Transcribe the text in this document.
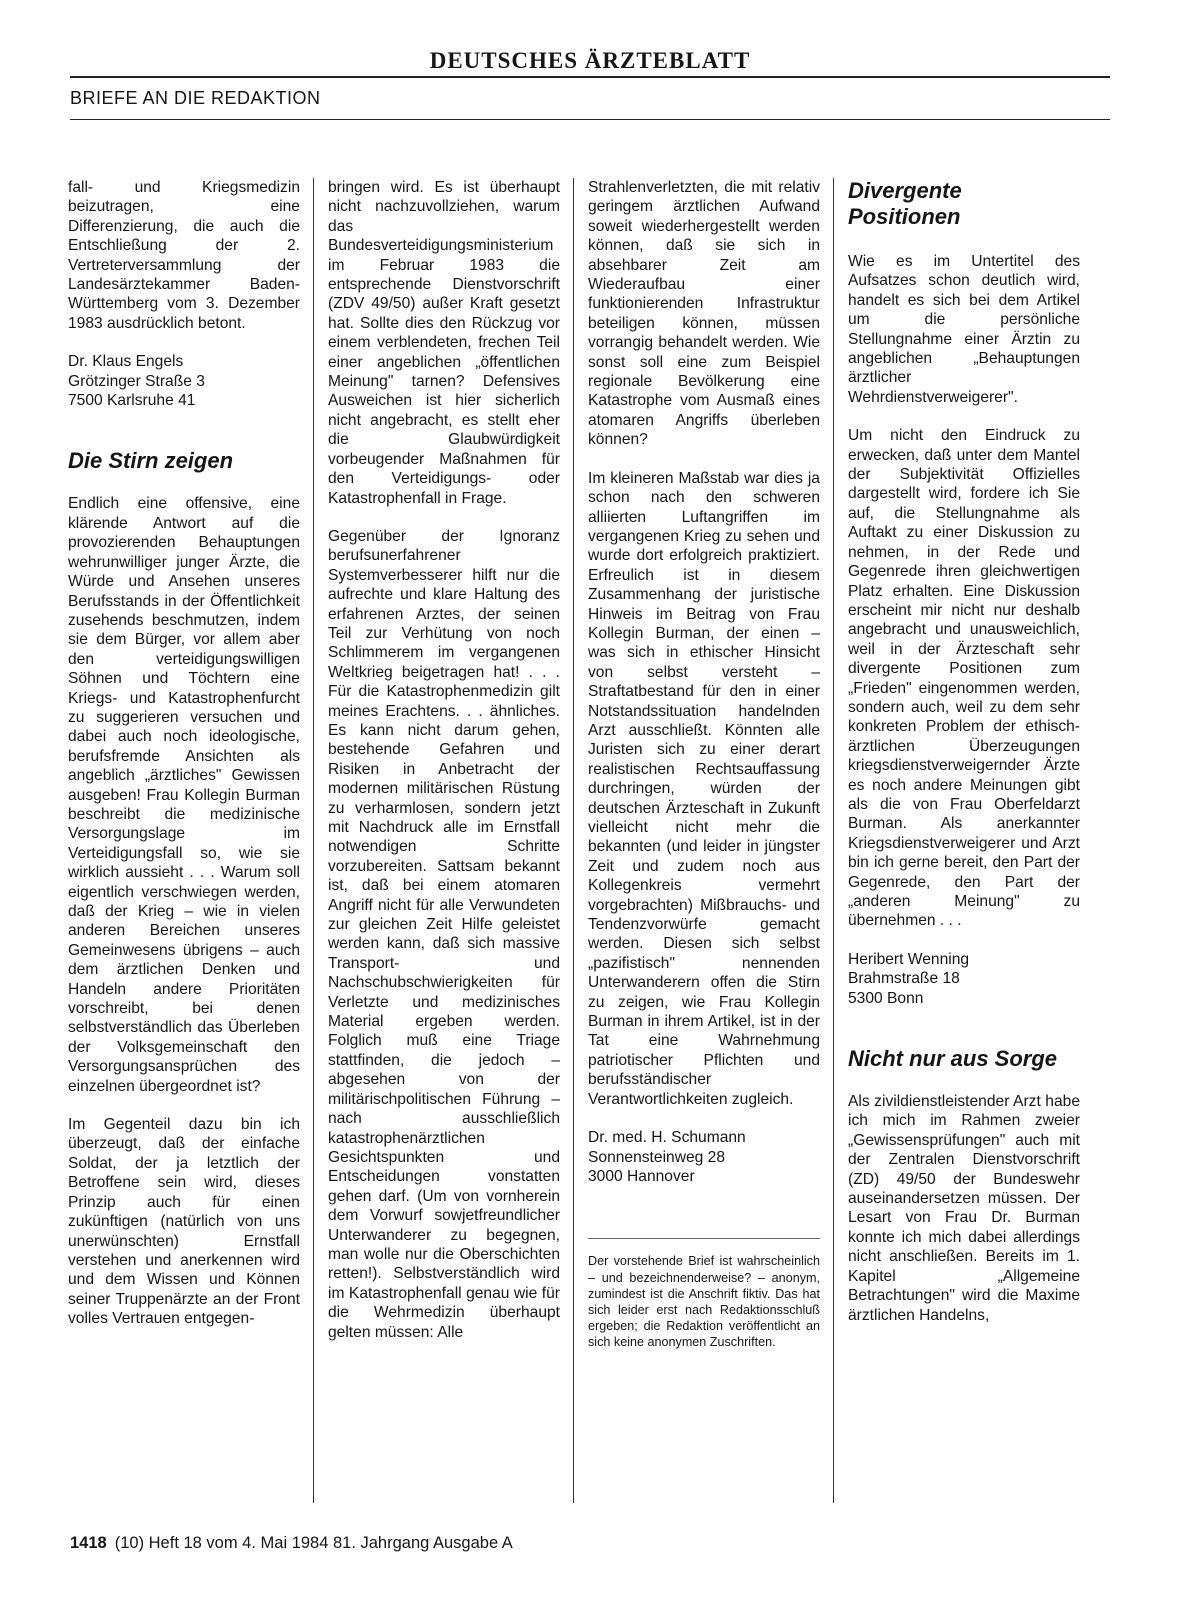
DEUTSCHES ÄRZTEBLATT
BRIEFE AN DIE REDAKTION

fall- und Kriegsmedizin beizutragen, eine Differenzierung, die auch die Entschließung der 2. Vertreterversammlung der Landesärztekammer Baden-Württemberg vom 3. Dezember 1983 ausdrücklich betont.

Dr. Klaus Engels
Grötzinger Straße 3
7500 Karlsruhe 41

Die Stirn zeigen

Endlich eine offensive, eine klärende Antwort auf die provozierenden Behauptungen wehrunwilliger junger Ärzte, die Würde und Ansehen unseres Berufsstands in der Öffentlichkeit zusehends beschmutzen, indem sie dem Bürger, vor allem aber den verteidigungswilligen Söhnen und Töchtern eine Kriegs- und Katastrophenfurcht zu suggerieren versuchen und dabei auch noch ideologische, berufsfremde Ansichten als angeblich „ärztliches" Gewissen ausgeben! Frau Kollegin Burman beschreibt die medizinische Versorgungslage im Verteidigungsfall so, wie sie wirklich aussieht . . . Warum soll eigentlich verschwiegen werden, daß der Krieg – wie in vielen anderen Bereichen unseres Gemeinwesens übrigens – auch dem ärztlichen Denken und Handeln andere Prioritäten vorschreibt, bei denen selbstverständlich das Überleben der Volksgemeinschaft den Versorgungsansprüchen des einzelnen übergeordnet ist?

Im Gegenteil dazu bin ich überzeugt, daß der einfache Soldat, der ja letztlich der Betroffene sein wird, dieses Prinzip auch für einen zukünftigen (natürlich von uns unerwünschten) Ernstfall verstehen und anerkennen wird und dem Wissen und Können seiner Truppenärzte an der Front volles Vertrauen entgegen-

bringen wird. Es ist überhaupt nicht nachzuvollziehen, warum das Bundesverteidigungsministerium im Februar 1983 die entsprechende Dienstvorschrift (ZDV 49/50) außer Kraft gesetzt hat. Sollte dies den Rückzug vor einem verblendeten, frechen Teil einer angeblichen „öffentlichen Meinung" tarnen? Defensives Ausweichen ist hier sicherlich nicht angebracht, es stellt eher die Glaubwürdigkeit vorbeugender Maßnahmen für den Verteidigungs- oder Katastrophenfall in Frage.

Gegenüber der Ignoranz berufsunerfahrener Systemverbesserer hilft nur die aufrechte und klare Haltung des erfahrenen Arztes, der seinen Teil zur Verhütung von noch Schlimmerem im vergangenen Weltkrieg beigetragen hat! . . . Für die Katastrophenmedizin gilt meines Erachtens. . . ähnliches. Es kann nicht darum gehen, bestehende Gefahren und Risiken in Anbetracht der modernen militärischen Rüstung zu verharmlosen, sondern jetzt mit Nachdruck alle im Ernstfall notwendigen Schritte vorzubereiten. Sattsam bekannt ist, daß bei einem atomaren Angriff nicht für alle Verwundeten zur gleichen Zeit Hilfe geleistet werden kann, daß sich massive Transport- und Nachschubschwierigkeiten für Verletzte und medizinisches Material ergeben werden. Folglich muß eine Triage stattfinden, die jedoch – abgesehen von der militärischpolitischen Führung – nach ausschließlich katastrophenärztlichen Gesichtspunkten und Entscheidungen vonstatten gehen darf. (Um von vornherein dem Vorwurf sowjetfreundlicher Unterwanderer zu begegnen, man wolle nur die Oberschichten retten!). Selbstverständlich wird im Katastrophenfall genau wie für die Wehrmedizin überhaupt gelten müssen: Alle

Strahlenverletzten, die mit relativ geringem ärztlichen Aufwand soweit wiederhergestellt werden können, daß sie sich in absehbarer Zeit am Wiederaufbau einer funktionierenden Infrastruktur beteiligen können, müssen vorrangig behandelt werden. Wie sonst soll eine zum Beispiel regionale Bevölkerung eine Katastrophe vom Ausmaß eines atomaren Angriffs überleben können?

Im kleineren Maßstab war dies ja schon nach den schweren alliierten Luftangriffen im vergangenen Krieg zu sehen und wurde dort erfolgreich praktiziert. Erfreulich ist in diesem Zusammenhang der juristische Hinweis im Beitrag von Frau Kollegin Burman, der einen – was sich in ethischer Hinsicht von selbst versteht – Straftatbestand für den in einer Notstandssituation handelnden Arzt ausschließt. Könnten alle Juristen sich zu einer derart realistischen Rechtsauffassung durchringen, würden der deutschen Ärzteschaft in Zukunft vielleicht nicht mehr die bekannten (und leider in jüngster Zeit und zudem noch aus Kollegenkreis vermehrt vorgebrachten) Mißbrauchs- und Tendenzvorwürfe gemacht werden. Diesen sich selbst „pazifistisch" nennenden Unterwanderern offen die Stirn zu zeigen, wie Frau Kollegin Burman in ihrem Artikel, ist in der Tat eine Wahrnehmung patriotischer Pflichten und berufsständischer Verantwortlichkeiten zugleich.

Dr. med. H. Schumann
Sonnensteinweg 28
3000 Hannover

Der vorstehende Brief ist wahrscheinlich – und bezeichnenderweise? – anonym, zumindest ist die Anschrift fiktiv. Das hat sich leider erst nach Redaktionsschluß ergeben; die Redaktion veröffentlicht an sich keine anonymen Zuschriften.

Divergente Positionen

Wie es im Untertitel des Aufsatzes schon deutlich wird, handelt es sich bei dem Artikel um die persönliche Stellungnahme einer Ärztin zu angeblichen „Behauptungen ärztlicher Wehrdienstverweigerer".

Um nicht den Eindruck zu erwecken, daß unter dem Mantel der Subjektivität Offizielles dargestellt wird, fordere ich Sie auf, die Stellungnahme als Auftakt zu einer Diskussion zu nehmen, in der Rede und Gegenrede ihren gleichwertigen Platz erhalten. Eine Diskussion erscheint mir nicht nur deshalb angebracht und unausweichlich, weil in der Ärzteschaft sehr divergente Positionen zum „Frieden" eingenommen werden, sondern auch, weil zu dem sehr konkreten Problem der ethisch-ärztlichen Überzeugungen kriegsdienstverweigernder Ärzte es noch andere Meinungen gibt als die von Frau Oberfeldarzt Burman. Als anerkannter Kriegsdienstverweigerer und Arzt bin ich gerne bereit, den Part der Gegenrede, den Part der „anderen Meinung" zu übernehmen . . .

Heribert Wenning
Brahmstraße 18
5300 Bonn

Nicht nur aus Sorge

Als zivildienstleistender Arzt habe ich mich im Rahmen zweier „Gewissensprüfungen" auch mit der Zentralen Dienstvorschrift (ZD) 49/50 der Bundeswehr auseinandersetzen müssen. Der Lesart von Frau Dr. Burman konnte ich mich dabei allerdings nicht anschließen. Bereits im 1. Kapitel „Allgemeine Betrachtungen" wird die Maxime ärztlichen Handelns,

1418 (10) Heft 18 vom 4. Mai 1984 81. Jahrgang Ausgabe A
